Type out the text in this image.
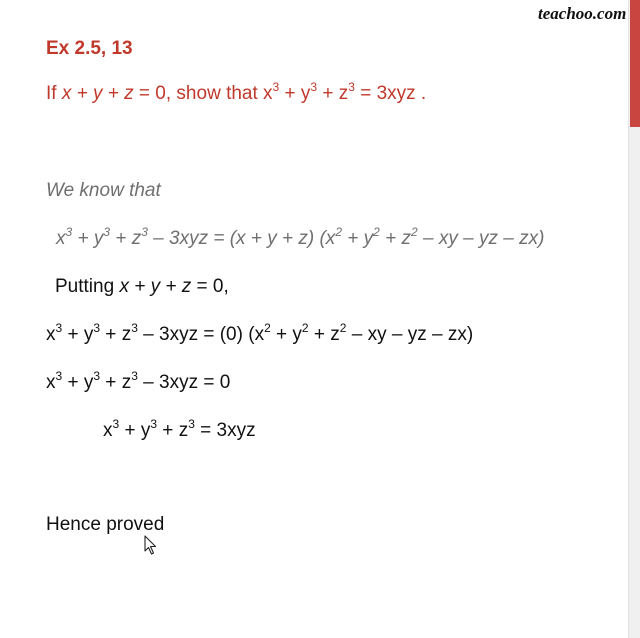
teachoo.com
Ex 2.5, 13
If x + y + z = 0, show that $x^3 + y^3 + z^3 = 3xyz$ .
We know that
$x^3 + y^3 + z^3 - 3xyz = (x + y + z) (x^2 + y^2 + z^2$ – xy – yz – zx)
Putting x + y + z = 0,
$x^3 + y^3 + z^3 - 3xyz = (0) (x^2 + y^2 + z^2$ – xy – yz – zx)
$x^3 + y^3 + z^3 - 3xyz = 0$
$x^3 + y^3 + z^3 = 3xyz$
Hence proved
